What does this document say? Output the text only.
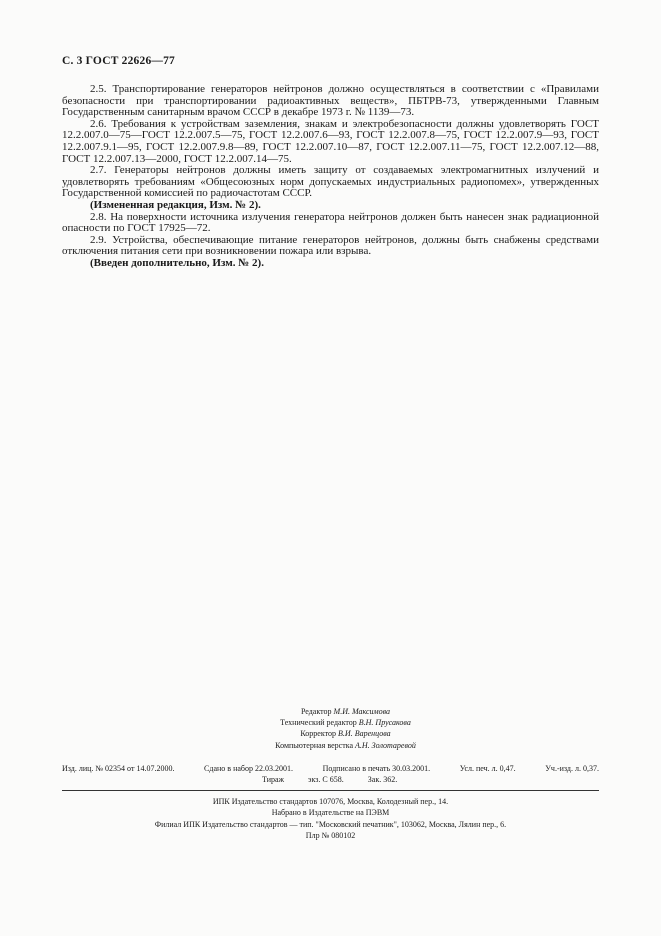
С. 3 ГОСТ 22626—77

2.5. Транспортирование генераторов нейтронов должно осуществляться в соответствии с «Правилами безопасности при транспортировании радиоактивных веществ», ПБТРВ-73, утвержденными Главным Государственным санитарным врачом СССР в декабре 1973 г. № 1139—73.

2.6. Требования к устройствам заземления, знакам и электробезопасности должны удовлетворять ГОСТ 12.2.007.0—75—ГОСТ 12.2.007.5—75, ГОСТ 12.2.007.6—93, ГОСТ 12.2.007.8—75, ГОСТ 12.2.007.9—93, ГОСТ 12.2.007.9.1—95, ГОСТ 12.2.007.9.8—89, ГОСТ 12.2.007.10—87, ГОСТ 12.2.007.11—75, ГОСТ 12.2.007.12—88, ГОСТ 12.2.007.13—2000, ГОСТ 12.2.007.14—75.

2.7. Генераторы нейтронов должны иметь защиту от создаваемых электромагнитных излучений и удовлетворять требованиям «Общесоюзных норм допускаемых индустриальных радиопомех», утвержденных Государственной комиссией по радиочастотам СССР.

(Измененная редакция, Изм. № 2).

2.8. На поверхности источника излучения генератора нейтронов должен быть нанесен знак радиационной опасности по ГОСТ 17925—72.

2.9. Устройства, обеспечивающие питание генераторов нейтронов, должны быть снабжены средствами отключения питания сети при возникновении пожара или взрыва.

(Введен дополнительно, Изм. № 2).

Редактор М.И. Максимова
Технический редактор В.Н. Прусакова
Корректор В.И. Варенцова
Компьютерная верстка А.Н. Золотаревой
Изд. лиц. № 02354 от 14.07.2000.	Сдано в набор 22.03.2001.	Подписано в печать 30.03.2001.	Усл. печ. л. 0,47.	Уч.-изд. л. 0,37.
Тираж	экз. С 658.	Зак. 362.
ИПК Издательство стандартов 107076, Москва, Колодезный пер., 14.
Набрано в Издательстве на ПЭВМ
Филиал ИПК Издательство стандартов — тип. "Московский печатник", 103062, Москва, Лялин пер., 6.
Плр № 080102
